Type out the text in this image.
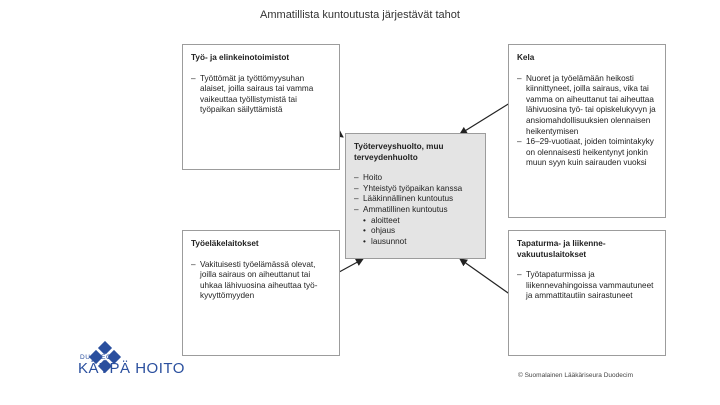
Ammatillista kuntoutusta järjestävät tahot
Työ- ja elinkeinotoimistot
– Työttömät ja työttömyysuhan alaiset, joilla sairaus tai vamma vaikeuttaa työllistymistä tai työpaikan säilyttämistä
Kela
– Nuoret ja työelämään heikosti kiinnittyneet, joilla sairaus, vika tai vamma on aiheuttanut tai aiheuttaa lähivuosina työ- tai opiskelukyvyn ja ansiomahdollisuuksien olennaisen heikentymisen
– 16–29-vuotiaat, joiden toimintakyky on olennaisesti heikentynyt jonkin muun syyn kuin sairauden vuoksi
Työterveyshuolto, muu terveydenhuolto
– Hoito
– Yhteistyö työpaikan kanssa
– Lääkinnällinen kuntoutus
– Ammatillinen kuntoutus
• aloitteet
• ohjaus
• lausunnot
Työeläkelaitokset
– Vakituisesti työelämässä olevat, joilla sairaus on aiheuttanut tai uhkaa lähivuosina aiheuttaa työkyvyttömyyden
Tapaturma- ja liikennevakuutuslaitokset
– Työtapaturmissa ja liikennevahingoissa vammautuneet ja ammattitautiin sairastuneet
DUODECIM
KÄYPÄ HOITO	© Suomalainen Lääkäriseura Duodecim
